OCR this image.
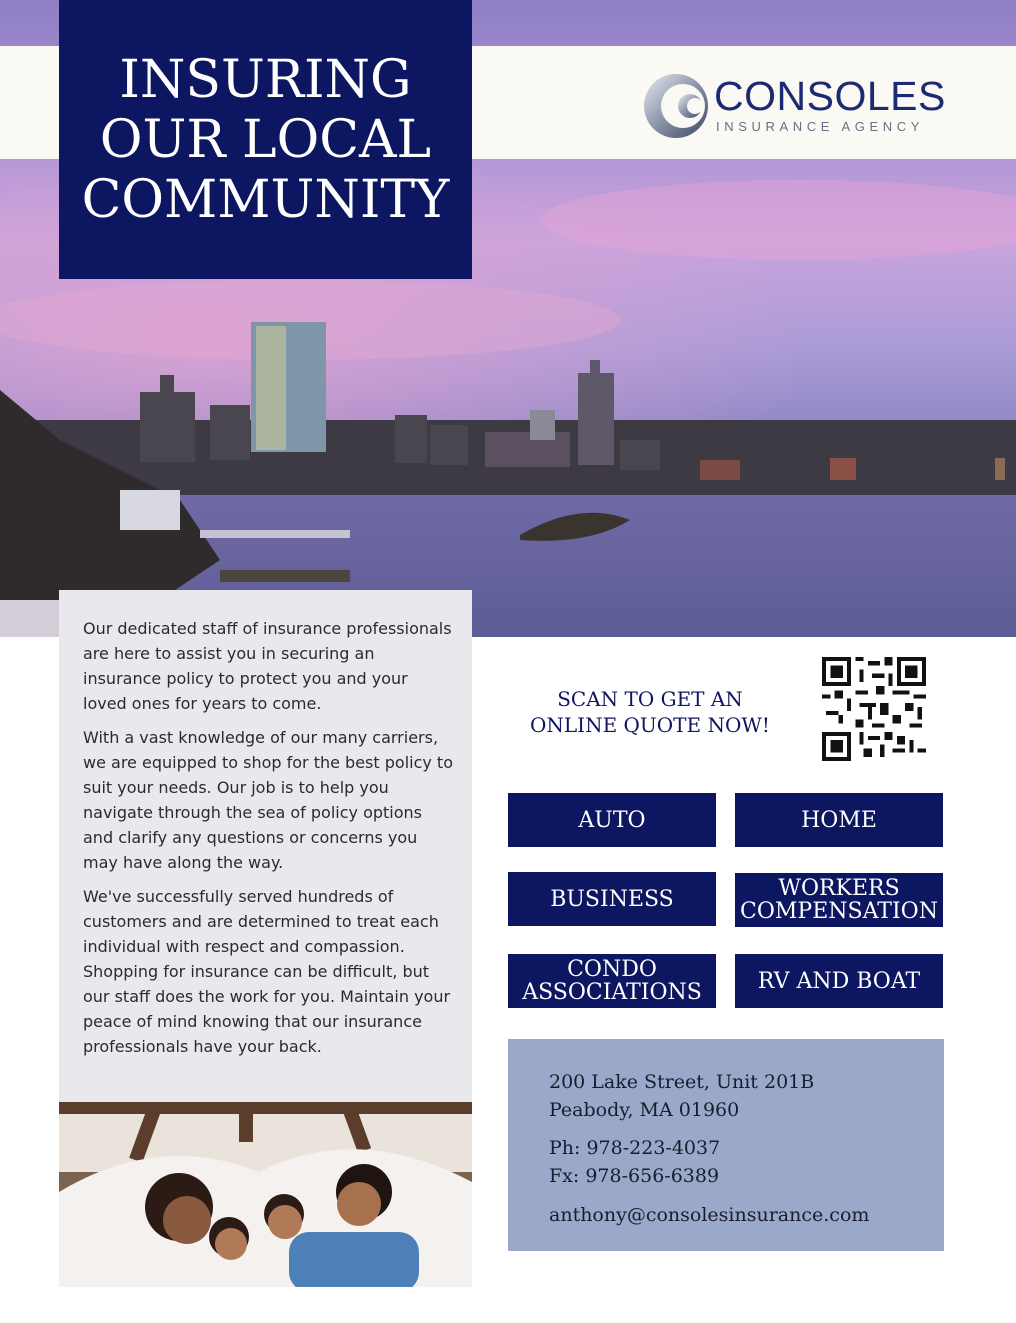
CONSOLES
INSURANCE AGENCY
INSURING
OUR LOCAL
COMMUNITY

Our dedicated staff of insurance professionals are here to assist you in securing an insurance policy to protect you and your loved ones for years to come.

With a vast knowledge of our many carriers, we are equipped to shop for the best policy to suit your needs. Our job is to help you navigate through the sea of policy options and clarify any questions or concerns you may have along the way.

We've successfully served hundreds of customers and are determined to treat each individual with respect and compassion. Shopping for insurance can be difficult, but our staff does the work for you. Maintain your peace of mind knowing that our insurance professionals have your back.

SCAN TO GET AN
ONLINE QUOTE NOW!
AUTO	HOME
BUSINESS	WORKERS
COMPENSATION
CONDO
ASSOCIATIONS	RV AND BOAT
200 Lake Street, Unit 201B
Peabody, MA 01960
Ph: 978-223-4037
Fx: 978-656-6389
anthony@consolesinsurance.com
